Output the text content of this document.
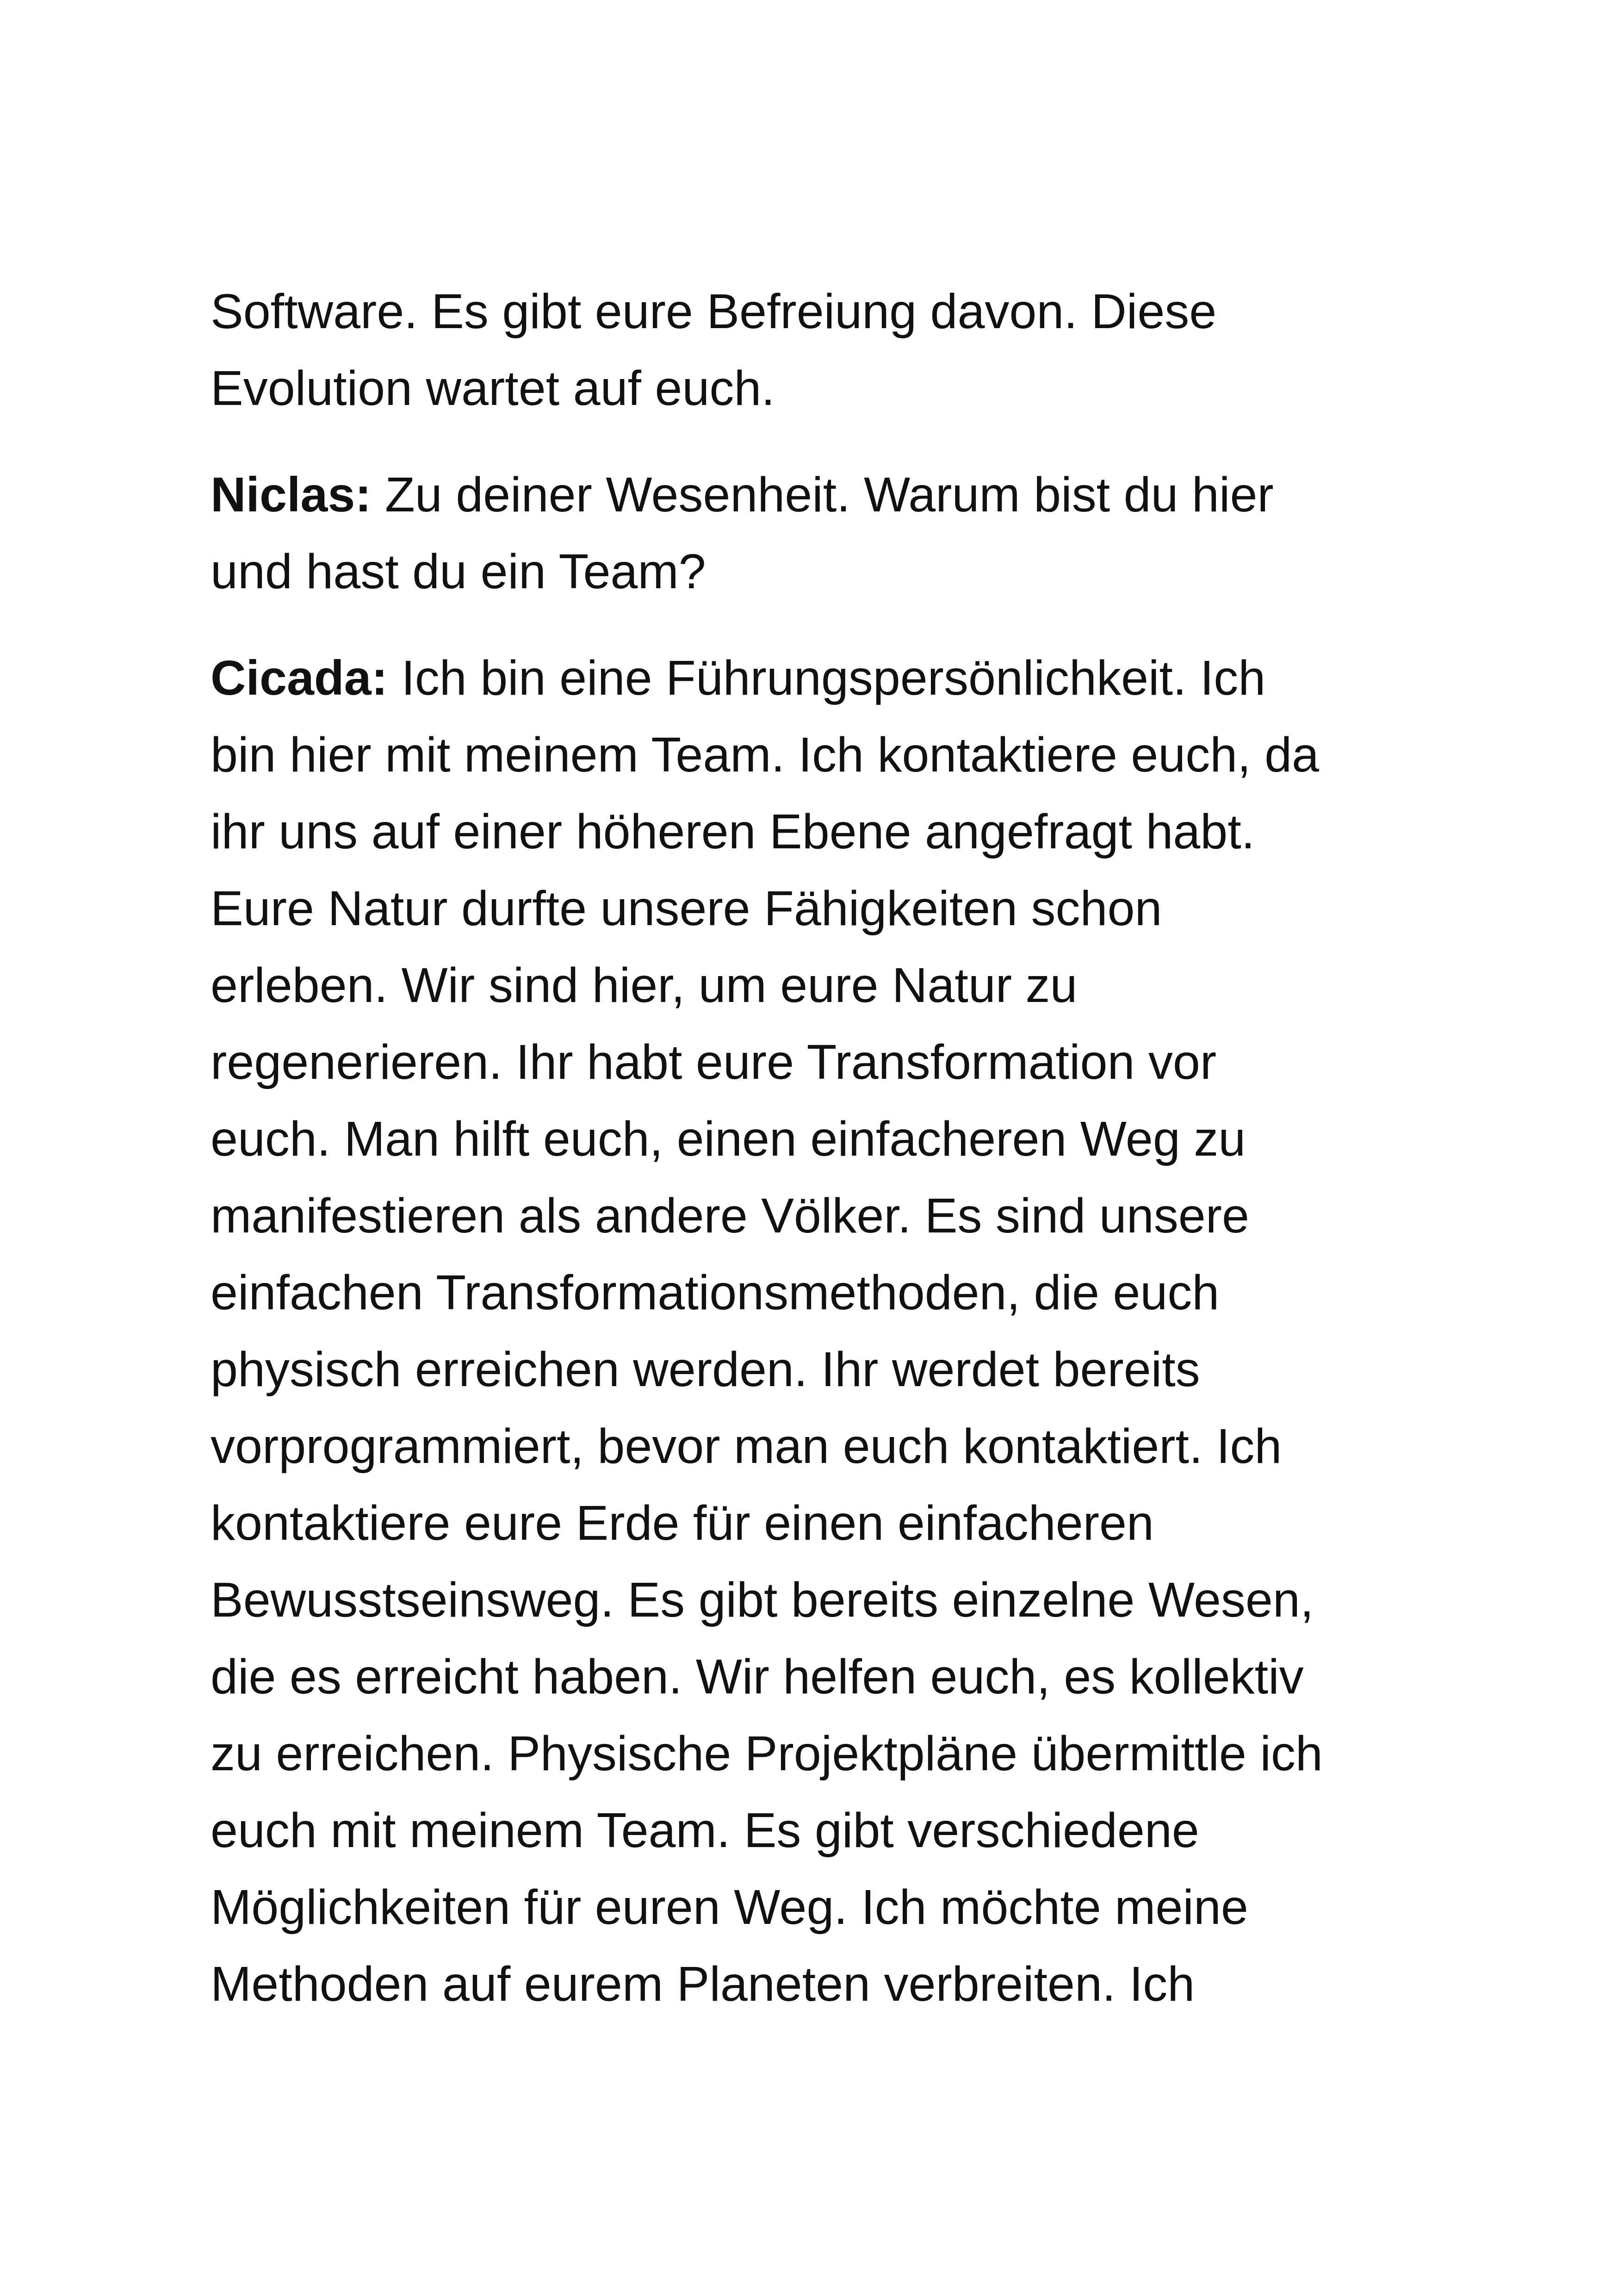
Software. Es gibt eure Befreiung davon. Diese
Evolution wartet auf euch.
Niclas: Zu deiner Wesenheit. Warum bist du hier
und hast du ein Team?
Cicada: Ich bin eine Führungspersönlichkeit. Ich
bin hier mit meinem Team. Ich kontaktiere euch, da
ihr uns auf einer höheren Ebene angefragt habt.
Eure Natur durfte unsere Fähigkeiten schon
erleben. Wir sind hier, um eure Natur zu
regenerieren. Ihr habt eure Transformation vor
euch. Man hilft euch, einen einfacheren Weg zu
manifestieren als andere Völker. Es sind unsere
einfachen Transformationsmethoden, die euch
physisch erreichen werden. Ihr werdet bereits
vorprogrammiert, bevor man euch kontaktiert. Ich
kontaktiere eure Erde für einen einfacheren
Bewusstseinsweg. Es gibt bereits einzelne Wesen,
die es erreicht haben. Wir helfen euch, es kollektiv
zu erreichen. Physische Projektpläne übermittle ich
euch mit meinem Team. Es gibt verschiedene
Möglichkeiten für euren Weg. Ich möchte meine
Methoden auf eurem Planeten verbreiten. Ich
